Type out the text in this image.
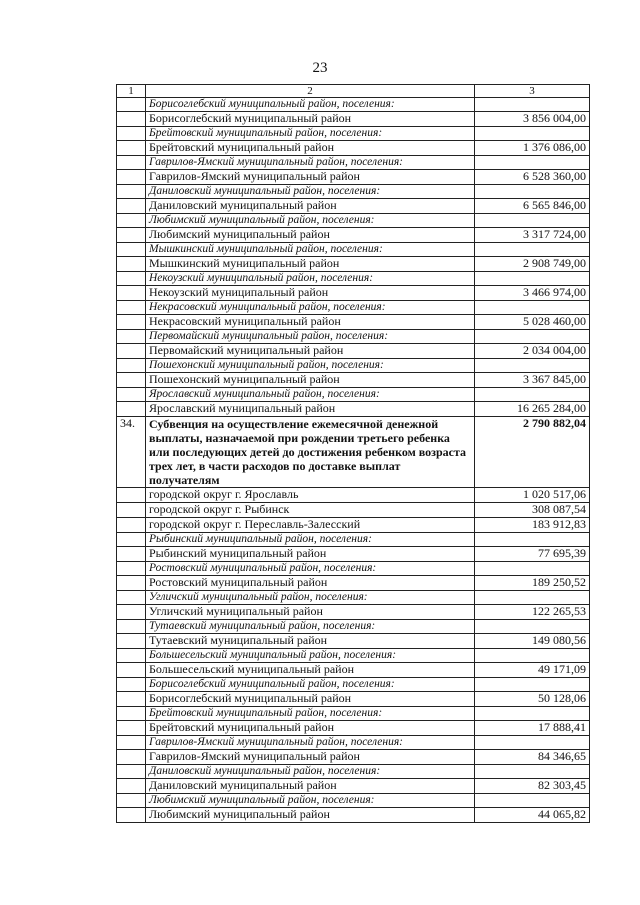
23
1	2	3
	Борисоглебский муниципальный район, поселения:	
	Борисоглебский муниципальный район	3 856 004,00
	Брейтовский муниципальный район, поселения:	
	Брейтовский муниципальный район	1 376 086,00
	Гаврилов-Ямский муниципальный район, поселения:	
	Гаврилов-Ямский муниципальный район	6 528 360,00
	Даниловский муниципальный район, поселения:	
	Даниловский муниципальный район	6 565 846,00
	Любимский муниципальный район, поселения:	
	Любимский муниципальный район	3 317 724,00
	Мышкинский муниципальный район, поселения:	
	Мышкинский муниципальный район	2 908 749,00
	Некоузский муниципальный район, поселения:	
	Некоузский муниципальный район	3 466 974,00
	Некрасовский муниципальный район, поселения:	
	Некрасовский муниципальный район	5 028 460,00
	Первомайский муниципальный район, поселения:	
	Первомайский муниципальный район	2 034 004,00
	Пошехонский муниципальный район, поселения:	
	Пошехонский муниципальный район	3 367 845,00
	Ярославский муниципальный район, поселения:	
	Ярославский муниципальный район	16 265 284,00
34.	Субвенция на осуществление ежемесячной денежной выплаты, назначаемой при рождении третьего ребенка или последующих детей до достижения ребенком возраста трех лет, в части расходов по доставке выплат получателям	2 790 882,04
	городской округ г. Ярославль	1 020 517,06
	городской округ г. Рыбинск	308 087,54
	городской округ г. Переславль-Залесский	183 912,83
	Рыбинский муниципальный район, поселения:	
	Рыбинский муниципальный район	77 695,39
	Ростовский муниципальный район, поселения:	
	Ростовский муниципальный район	189 250,52
	Угличский муниципальный район, поселения:	
	Угличский муниципальный район	122 265,53
	Тутаевский муниципальный район, поселения:	
	Тутаевский муниципальный район	149 080,56
	Большесельский муниципальный район, поселения:	
	Большесельский муниципальный район	49 171,09
	Борисоглебский муниципальный район, поселения:	
	Борисоглебский муниципальный район	50 128,06
	Брейтовский муниципальный район, поселения:	
	Брейтовский муниципальный район	17 888,41
	Гаврилов-Ямский муниципальный район, поселения:	
	Гаврилов-Ямский муниципальный район	84 346,65
	Даниловский муниципальный район, поселения:	
	Даниловский муниципальный район	82 303,45
	Любимский муниципальный район, поселения:	
	Любимский муниципальный район	44 065,82
